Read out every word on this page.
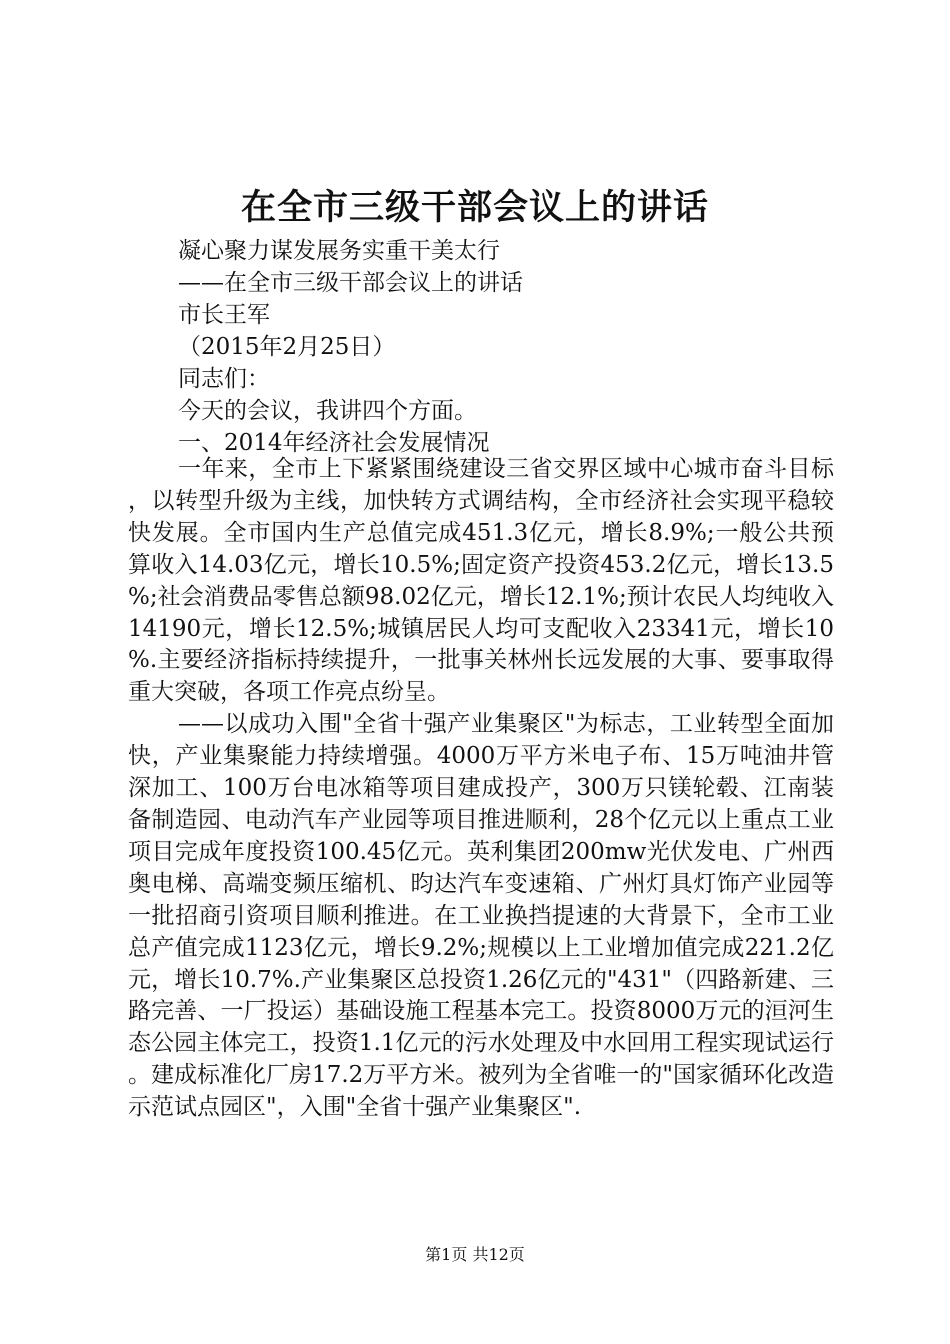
在全市三级干部会议上的讲话
凝心聚力谋发展务实重干美太行
——在全市三级干部会议上的讲话
市长王军
（2015年2月25日）
同志们：
今天的会议，我讲四个方面。
一、2014年经济社会发展情况

一年来，全市上下紧紧围绕建设三省交界区域中心城市奋斗目标，以转型升级为主线，加快转方式调结构，全市经济社会实现平稳较快发展。全市国内生产总值完成451.3亿元，增长8.9%;一般公共预算收入14.03亿元，增长10.5%;固定资产投资453.2亿元，增长13.5%;社会消费品零售总额98.02亿元，增长12.1%;预计农民人均纯收入14190元，增长12.5%;城镇居民人均可支配收入23341元，增长10%.主要经济指标持续提升，一批事关林州长远发展的大事、要事取得重大突破，各项工作亮点纷呈。

——以成功入围"全省十强产业集聚区"为标志，工业转型全面加快，产业集聚能力持续增强。4000万平方米电子布、15万吨油井管深加工、100万台电冰箱等项目建成投产，300万只镁轮毂、江南装备制造园、电动汽车产业园等项目推进顺利，28个亿元以上重点工业项目完成年度投资100.45亿元。英利集团200mw光伏发电、广州西奥电梯、高端变频压缩机、昀达汽车变速箱、广州灯具灯饰产业园等一批招商引资项目顺利推进。在工业换挡提速的大背景下，全市工业总产值完成1123亿元，增长9.2%;规模以上工业增加值完成221.2亿元，增长10.7%.产业集聚区总投资1.26亿元的"431"（四路新建、三路完善、一厂投运）基础设施工程基本完工。投资8000万元的洹河生态公园主体完工，投资1.1亿元的污水处理及中水回用工程实现试运行。建成标准化厂房17.2万平方米。被列为全省唯一的"国家循环化改造示范试点园区"，入围"全省十强产业集聚区".

第1页 共12页
